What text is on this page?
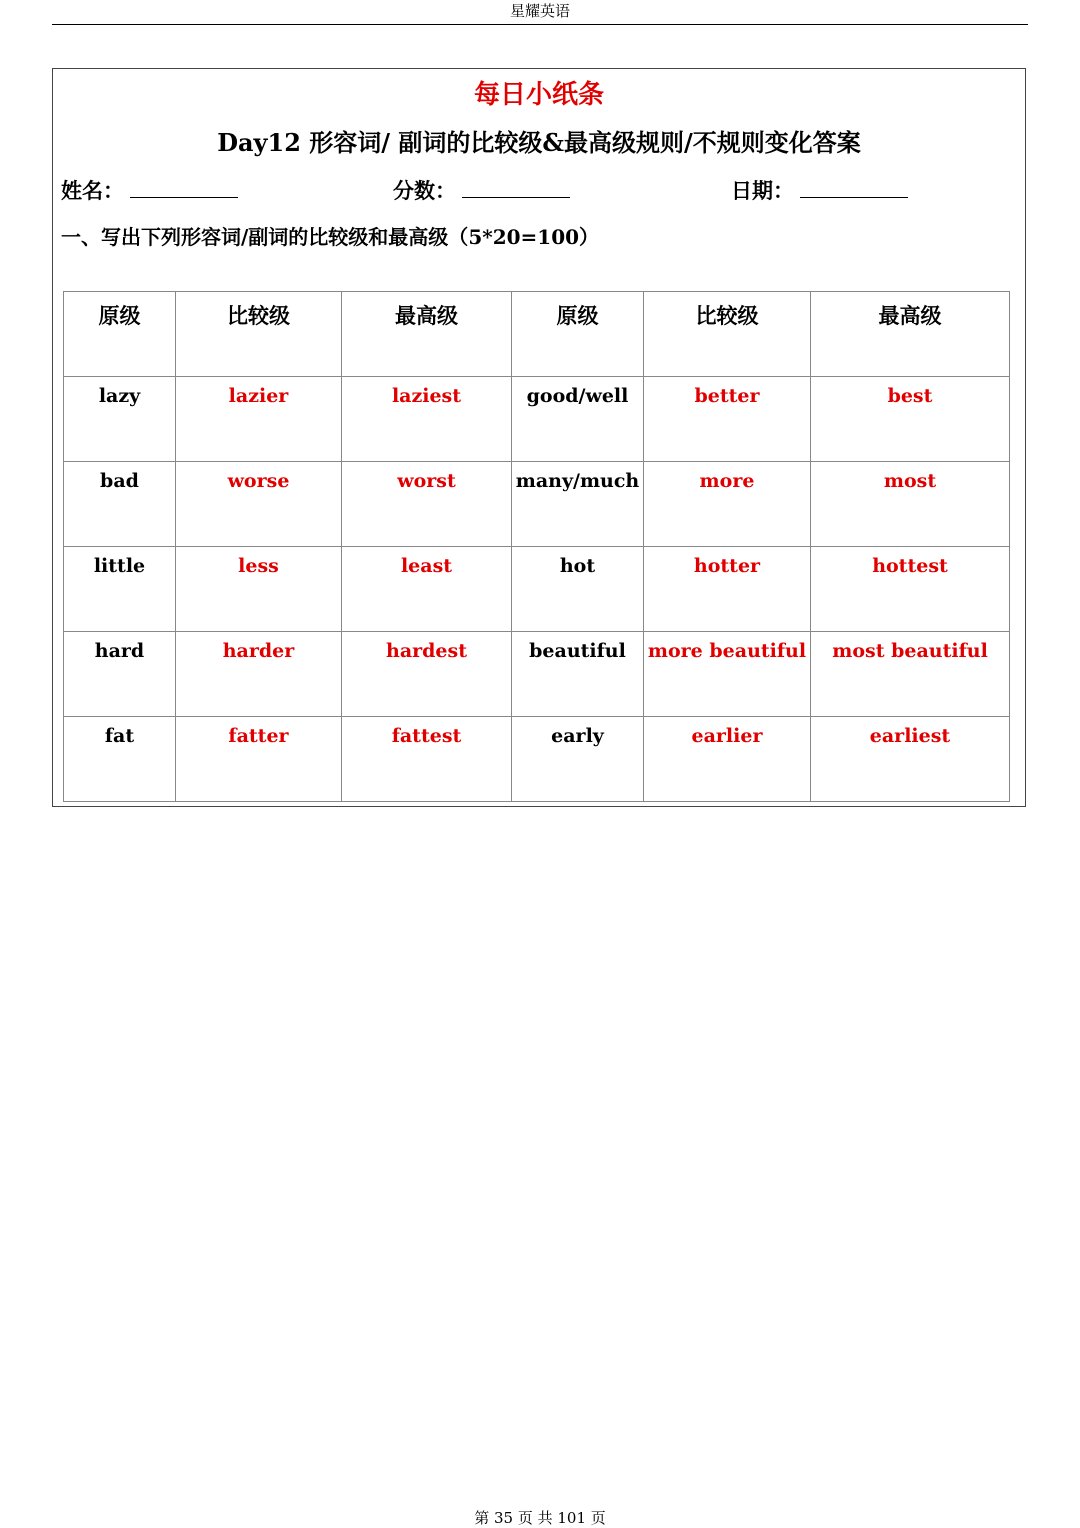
星耀英语
每日小纸条
Day12 形容词/ 副词的比较级&最高级规则/不规则变化答案
姓名：	分数：	日期：
一、写出下列形容词/副词的比较级和最高级（5*20=100）
原级	比较级	最高级	原级	比较级	最高级
lazy	lazier	laziest	good/well	better	best
bad	worse	worst	many/much	more	most
little	less	least	hot	hotter	hottest
hard	harder	hardest	beautiful	more beautiful	most beautiful
fat	fatter	fattest	early	earlier	earliest
第 35 页 共 101 页
